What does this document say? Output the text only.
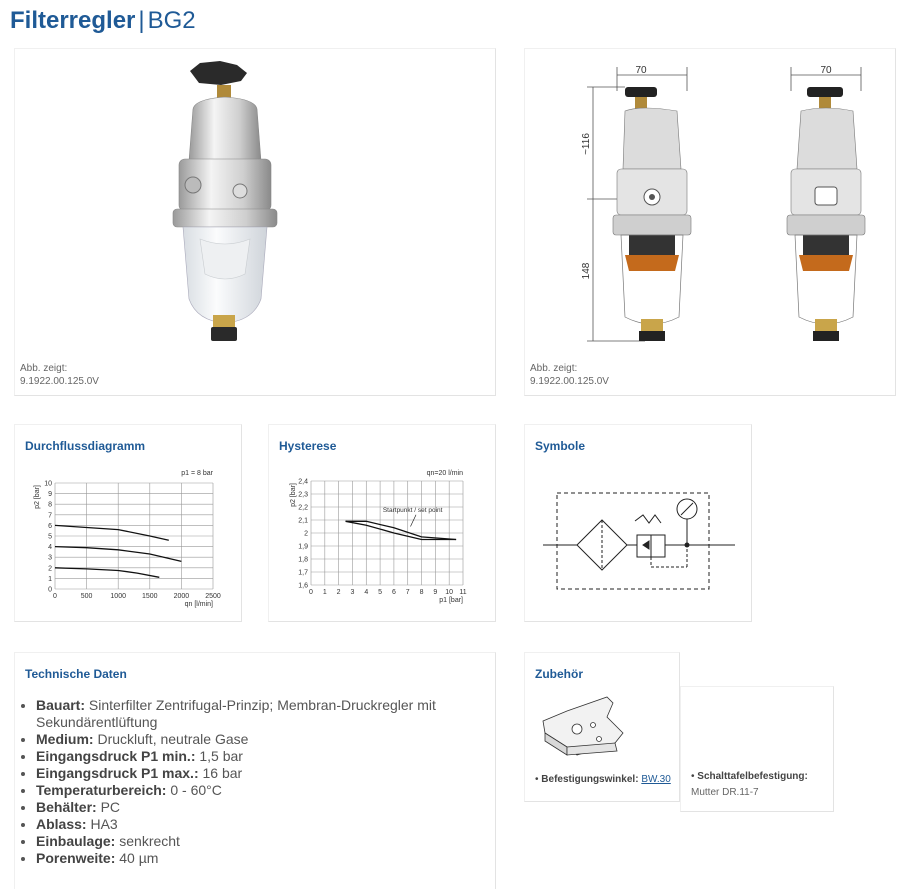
Filterregler | BG2
Abb. zeigt:
9.1922.00.125.0V
70
~116
148
70
Abb. zeigt:
9.1922.00.125.0V
Durchflussdiagramm
0	500	1000 1500 2000 2500
0
1
2
3
4
5
6
7
8
9
10
qn [l/min]
p2 [bar]
p1 = 8 bar
Hysterese
0 1 2 3 4 5 6 7 8 9 10 11
1,6
1,7
1,8
1,9
2
2,1
2,2
2,3
2,4
p1 [bar]
p2 [bar]
qn=20 l/min
Startpunkt / set point
Symbole
Technische Daten
• Bauart: Sinterfilter Zentrifugal-Prinzip; Membran-Druckregler mit Sekundärentlüftung
• Medium: Druckluft, neutrale Gase
• Eingangsdruck P1 min.: 1,5 bar
• Eingangsdruck P1 max.: 16 bar
• Temperaturbereich: 0 - 60°C
• Behälter: PC
• Ablass: HA3
• Einbaulage: senkrecht
• Porenweite: 40 µm
Zubehör
• Befestigungswinkel: BW.30 • Schalttafelbefestigung:
Mutter DR.11-7
